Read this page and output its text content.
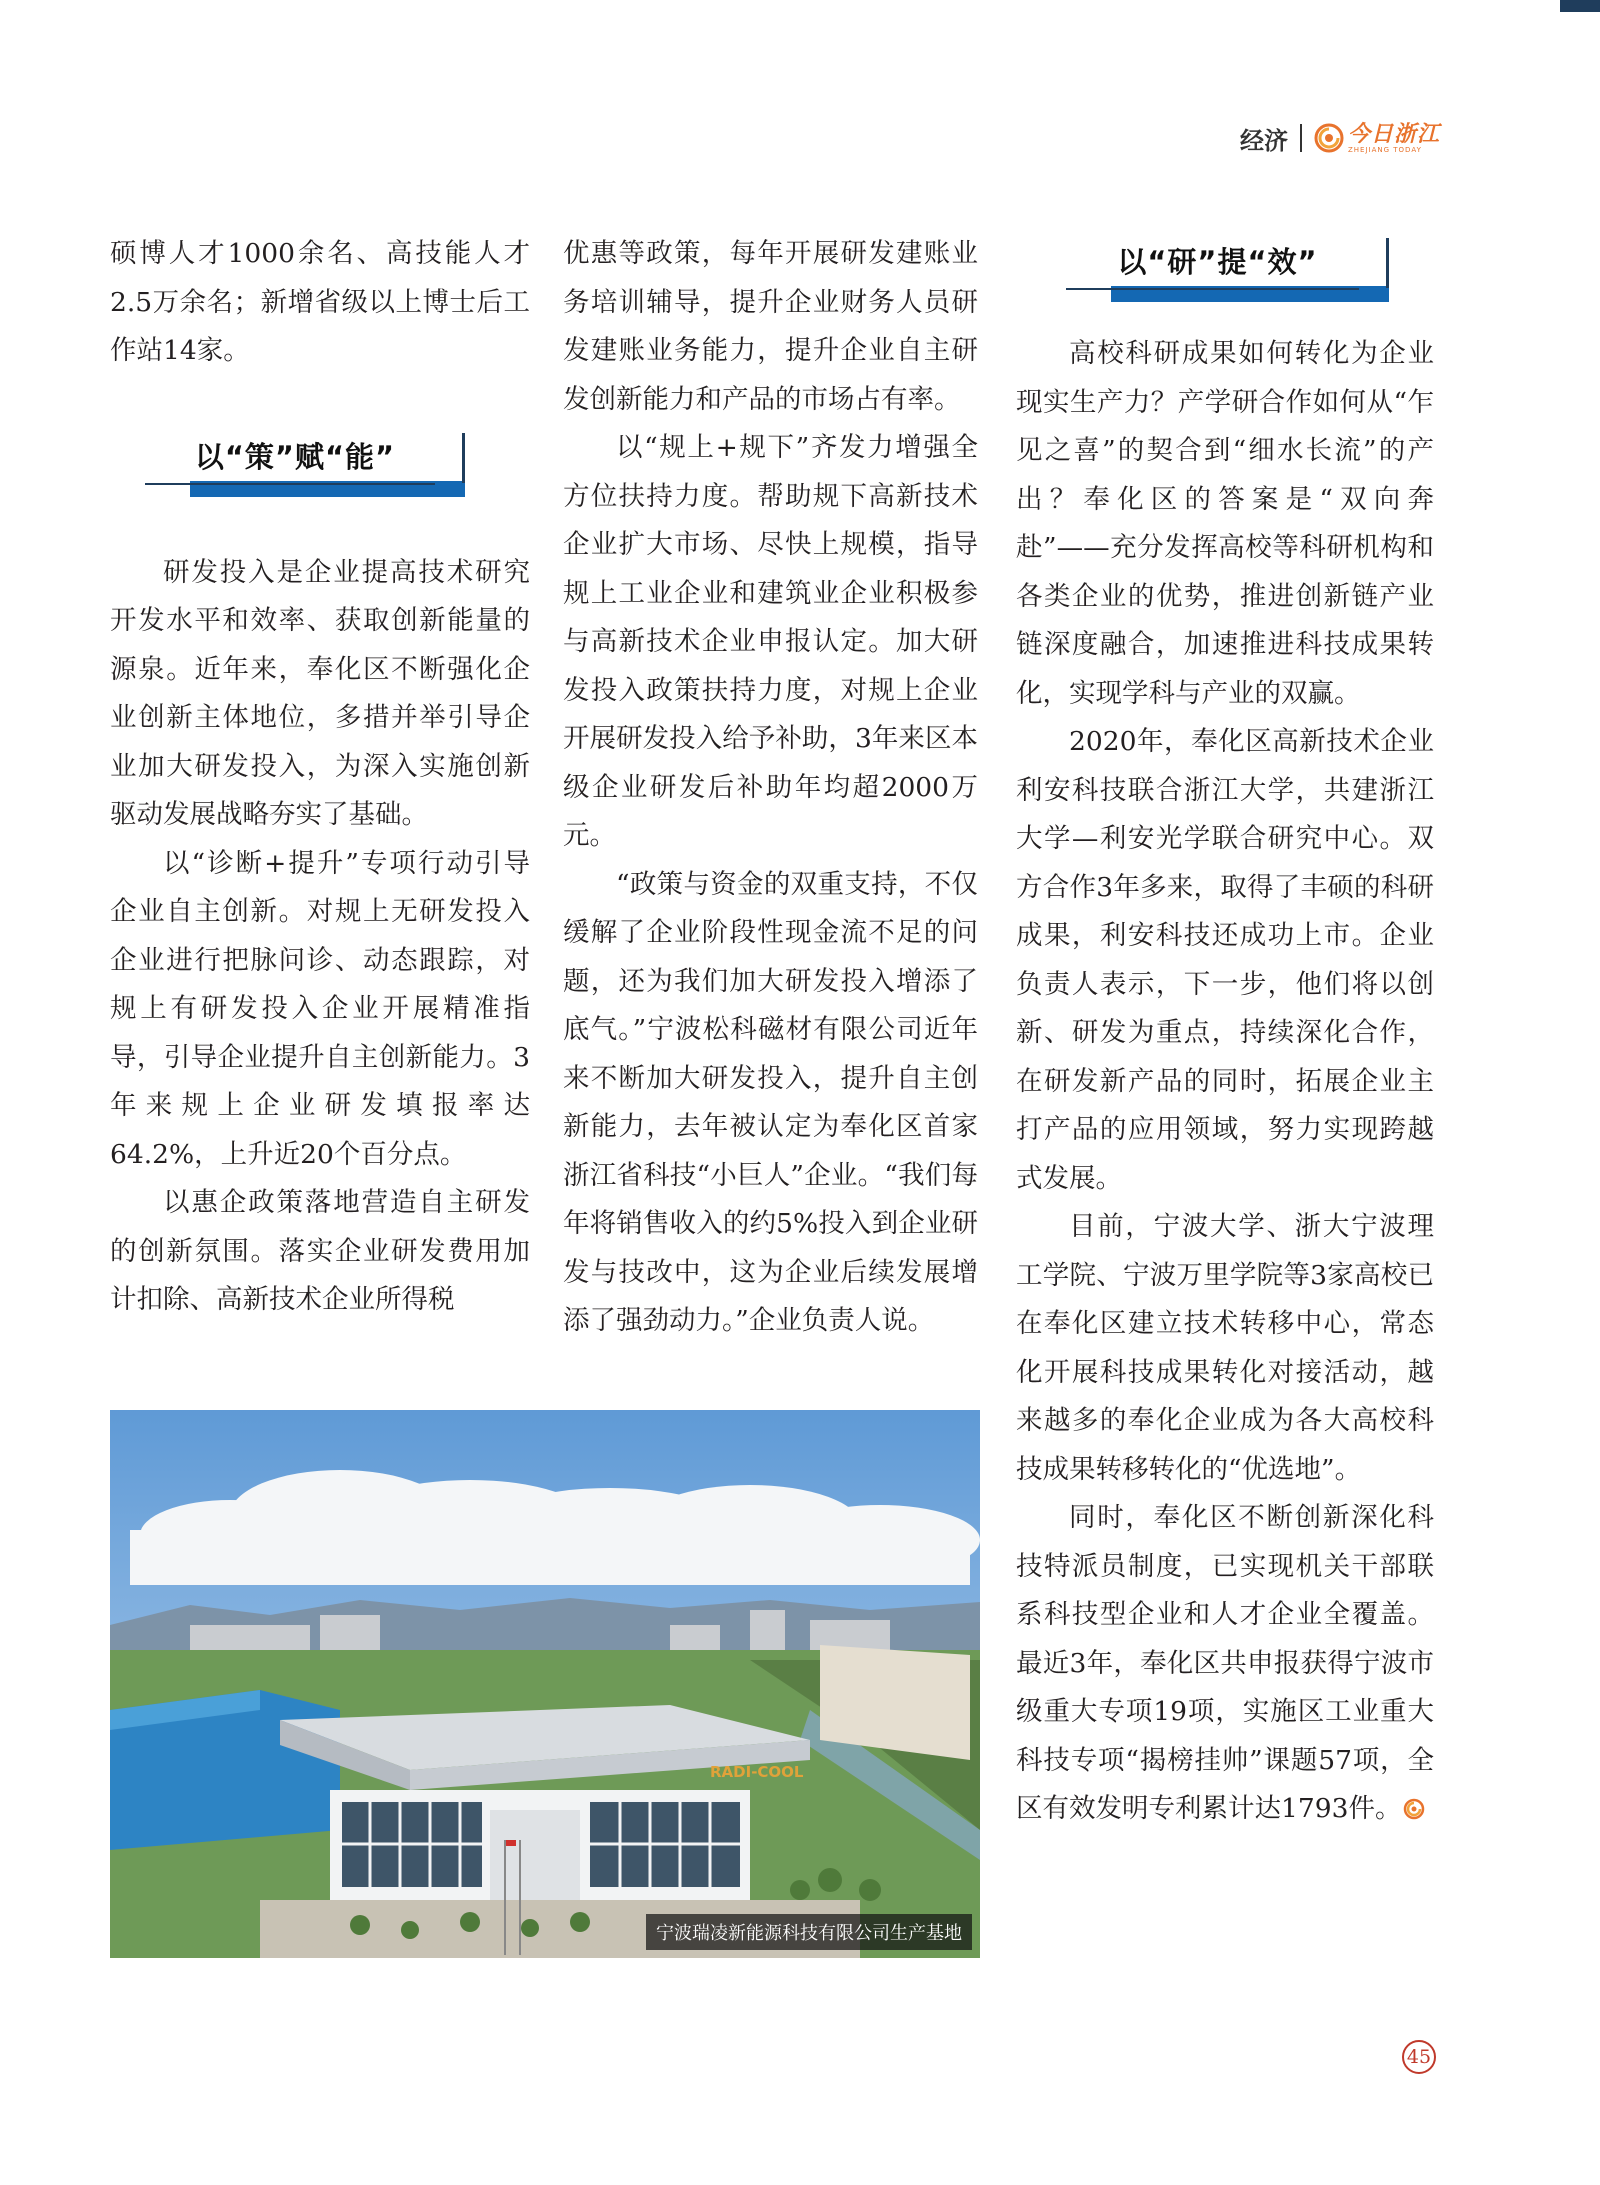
经济	今日浙江
ZHEJIANG TODAY
以“策”赋“能”
以“研”提“效”

硕博人才1000余名、高技能人才2.5万余名；新增省级以上博士后工作站14家。

研发投入是企业提高技术研究开发水平和效率、获取创新能量的源泉。近年来，奉化区不断强化企业创新主体地位，多措并举引导企业加大研发投入，为深入实施创新驱动发展战略夯实了基础。

以“诊断+提升”专项行动引导企业自主创新。对规上无研发投入企业进行把脉问诊、动态跟踪，对规上有研发投入企业开展精准指导，引导企业提升自主创新能力。3年来规上企业研发填报率达64.2%，上升近20个百分点。

以惠企政策落地营造自主研发的创新氛围。落实企业研发费用加计扣除、高新技术企业所得税

优惠等政策，每年开展研发建账业务培训辅导，提升企业财务人员研发建账业务能力，提升企业自主研发创新能力和产品的市场占有率。

以“规上+规下”齐发力增强全方位扶持力度。帮助规下高新技术企业扩大市场、尽快上规模，指导规上工业企业和建筑业企业积极参与高新技术企业申报认定。加大研发投入政策扶持力度，对规上企业开展研发投入给予补助，3年来区本级企业研发后补助年均超2000万元。

“政策与资金的双重支持，不仅缓解了企业阶段性现金流不足的问题，还为我们加大研发投入增添了底气。”宁波松科磁材有限公司近年来不断加大研发投入，提升自主创新能力，去年被认定为奉化区首家浙江省科技“小巨人”企业。“我们每年将销售收入的约5%投入到企业研发与技改中，这为企业后续发展增添了强劲动力。”企业负责人说。

高校科研成果如何转化为企业现实生产力？产学研合作如何从“乍见之喜”的契合到“细水长流”的产出？奉化区的答案是“双向奔赴”——充分发挥高校等科研机构和各类企业的优势，推进创新链产业链深度融合，加速推进科技成果转化，实现学科与产业的双赢。

2020年，奉化区高新技术企业利安科技联合浙江大学，共建浙江大学—利安光学联合研究中心。双方合作3年多来，取得了丰硕的科研成果，利安科技还成功上市。企业负责人表示，下一步，他们将以创新、研发为重点，持续深化合作，在研发新产品的同时，拓展企业主打产品的应用领域，努力实现跨越式发展。

目前，宁波大学、浙大宁波理工学院、宁波万里学院等3家高校已在奉化区建立技术转移中心，常态化开展科技成果转化对接活动，越来越多的奉化企业成为各大高校科技成果转移转化的“优选地”。

同时，奉化区不断创新深化科技特派员制度，已实现机关干部联系科技型企业和人才企业全覆盖。最近3年，奉化区共申报获得宁波市级重大专项19项，实施区工业重大科技专项“揭榜挂帅”课题57项，全区有效发明专利累计达1793件。

RADI-COOL
宁波瑞凌新能源科技有限公司生产基地
45
